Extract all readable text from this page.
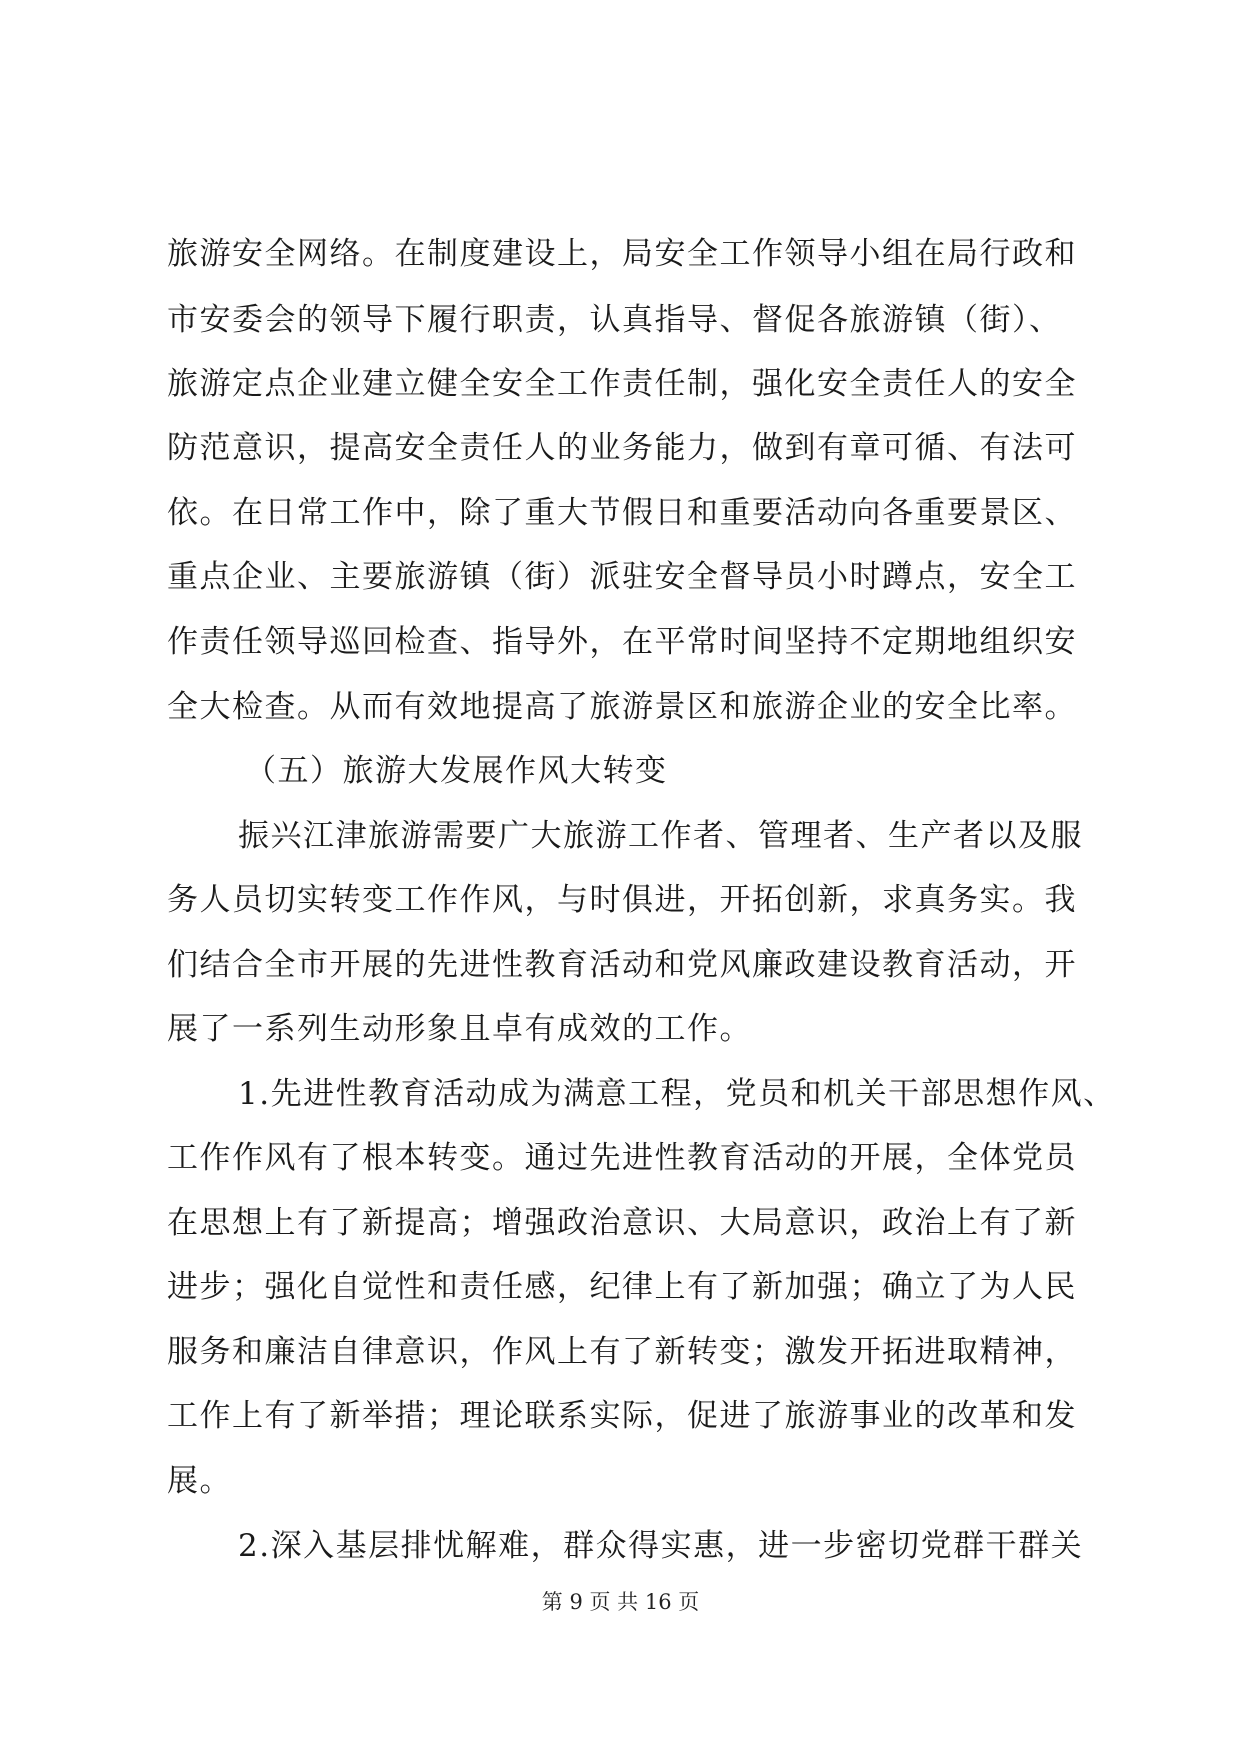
旅游安全网络。在制度建设上，局安全工作领导小组在局行政和
市安委会的领导下履行职责，认真指导、督促各旅游镇（街）、
旅游定点企业建立健全安全工作责任制，强化安全责任人的安全
防范意识，提高安全责任人的业务能力，做到有章可循、有法可
依。在日常工作中，除了重大节假日和重要活动向各重要景区、
重点企业、主要旅游镇（街）派驻安全督导员小时蹲点，安全工
作责任领导巡回检查、指导外，在平常时间坚持不定期地组织安
全大检查。从而有效地提高了旅游景区和旅游企业的安全比率。
（五）旅游大发展作风大转变
振兴江津旅游需要广大旅游工作者、管理者、生产者以及服
务人员切实转变工作作风，与时俱进，开拓创新，求真务实。我
们结合全市开展的先进性教育活动和党风廉政建设教育活动，开
展了一系列生动形象且卓有成效的工作。
1.先进性教育活动成为满意工程，党员和机关干部思想作风、
工作作风有了根本转变。通过先进性教育活动的开展，全体党员
在思想上有了新提高；增强政治意识、大局意识，政治上有了新
进步；强化自觉性和责任感，纪律上有了新加强；确立了为人民
服务和廉洁自律意识，作风上有了新转变；激发开拓进取精神，
工作上有了新举措；理论联系实际，促进了旅游事业的改革和发
展。
2.深入基层排忧解难，群众得实惠，进一步密切党群干群关
第 9 页 共 16 页
